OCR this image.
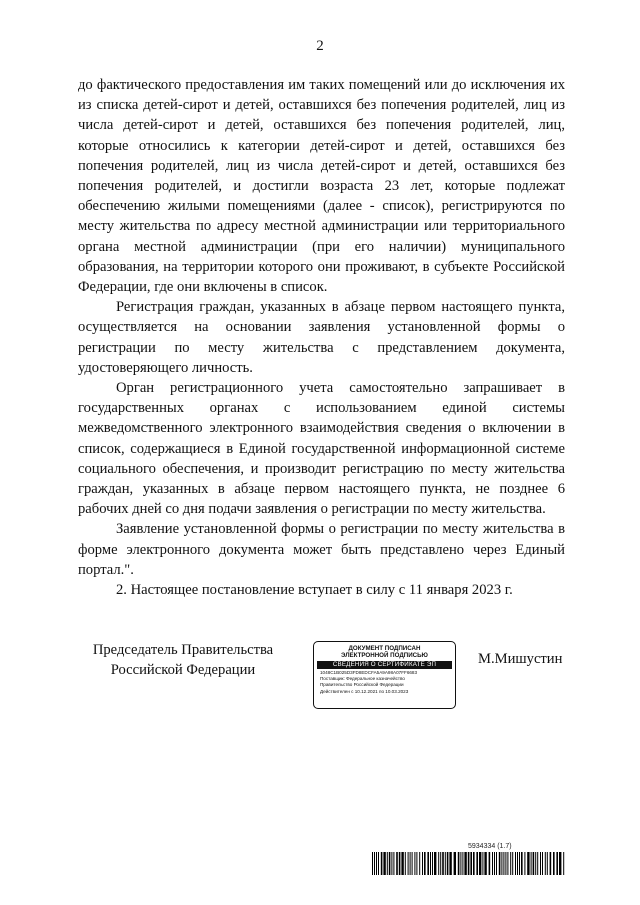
2

до фактического предоставления им таких помещений или до исключения их из списка детей-сирот и детей, оставшихся без попечения родителей, лиц из числа детей-сирот и детей, оставшихся без попечения родителей, лиц, которые относились к категории детей-сирот и детей, оставшихся без попечения родителей, лиц из числа детей-сирот и детей, оставшихся без попечения родителей, и достигли возраста 23 лет, которые подлежат обеспечению жилыми помещениями (далее - список), регистрируются по месту жительства по адресу местной администрации или территориального органа местной администрации (при его наличии) муниципального образования, на территории которого они проживают, в субъекте Российской Федерации, где они включены в список.

Регистрация граждан, указанных в абзаце первом настоящего пункта, осуществляется на основании заявления установленной формы о регистрации по месту жительства с представлением документа, удостоверяющего личность.

Орган регистрационного учета самостоятельно запрашивает в государственных органах с использованием единой системы межведомственного электронного взаимодействия сведения о включении в список, содержащиеся в Единой государственной информационной системе социального обеспечения, и производит регистрацию по месту жительства граждан, указанных в абзаце первом настоящего пункта, не позднее 6 рабочих дней со дня подачи заявления о регистрации по месту жительства.

Заявление установленной формы о регистрации по месту жительства в форме электронного документа может быть представлено через Единый портал.".

2. Настоящее постановление вступает в силу с 11 января 2023 г.

Председатель Правительства
Российской Федерации
ДОКУМЕНТ ПОДПИСАН
ЭЛЕКТРОННОЙ ПОДПИСЬЮ
СВЕДЕНИЯ О СЕРТИФИКАТЕ ЭП
1048C1B025D3FD8EDCFA5A9A98A07FF6683
Поставщик: Федеральное казначейство
Правительство Российской Федерации
Действителен с 10.12.2021 по 10.03.2023
М.Мишустин
5934334 (1.7)
